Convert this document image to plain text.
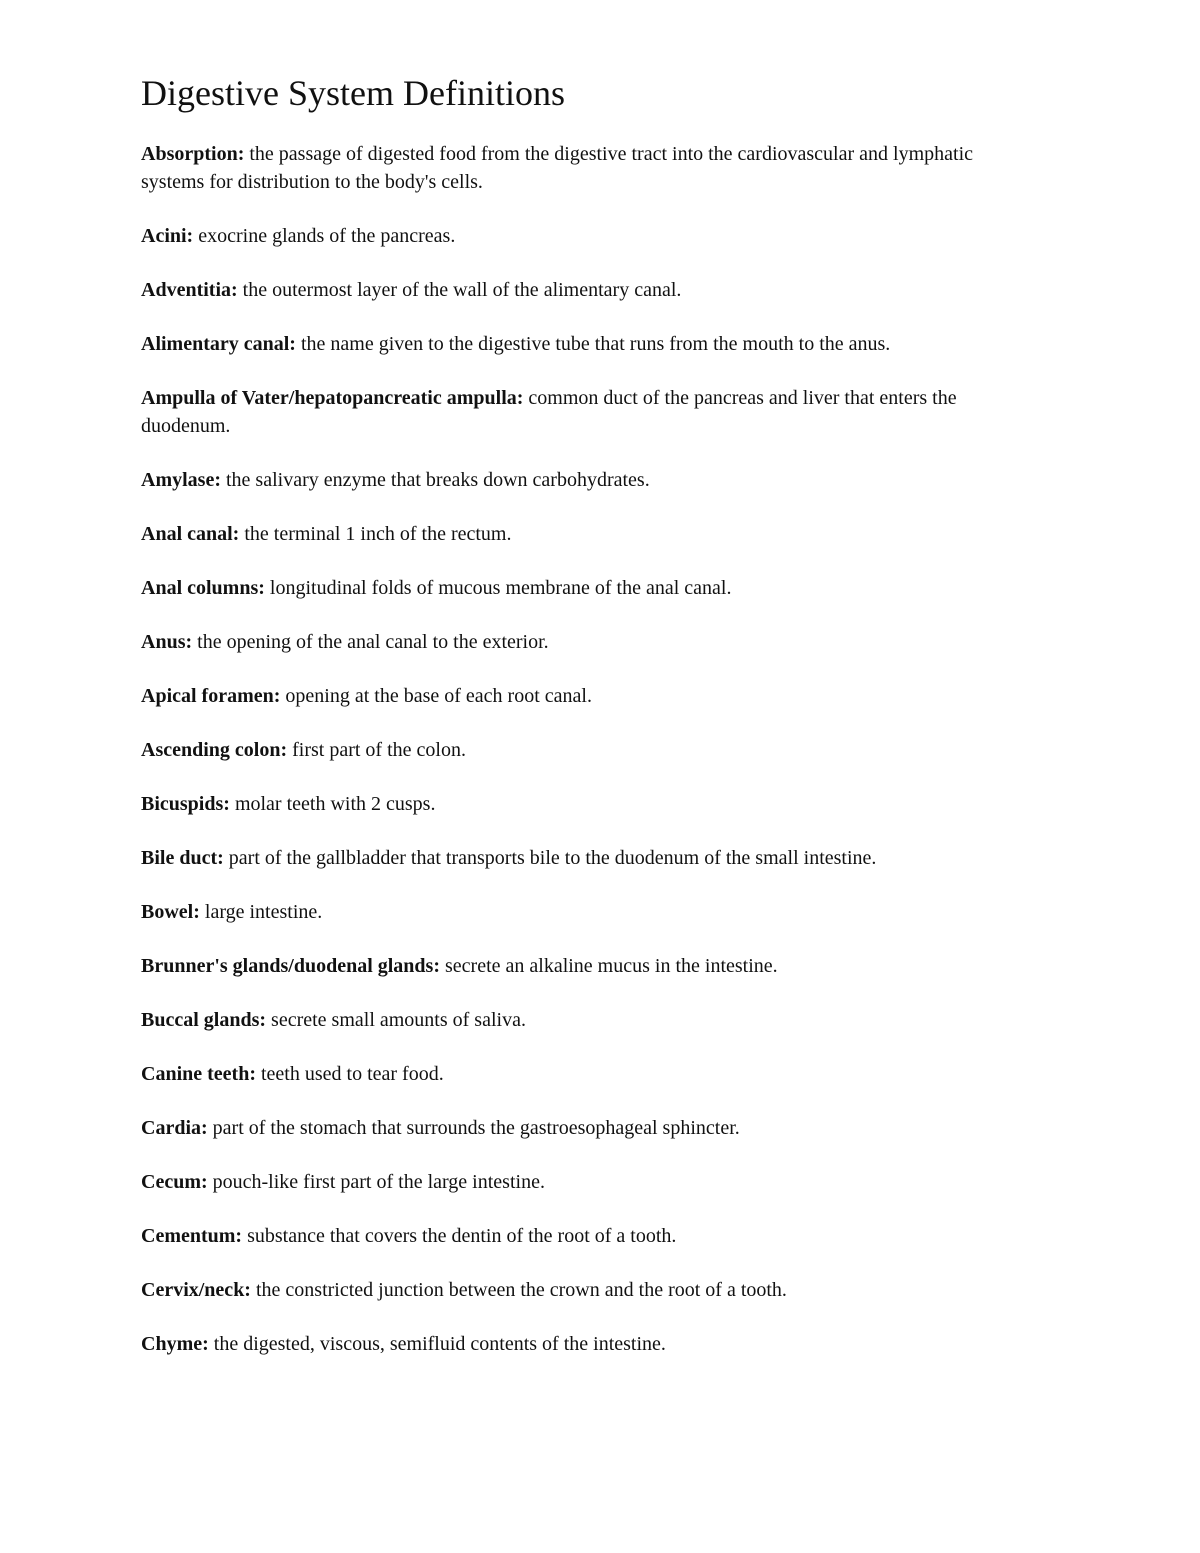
Digestive System Definitions
Absorption: the passage of digested food from the digestive tract into the cardiovascular and lymphatic systems for distribution to the body's cells.
Acini: exocrine glands of the pancreas.
Adventitia: the outermost layer of the wall of the alimentary canal.
Alimentary canal: the name given to the digestive tube that runs from the mouth to the anus.
Ampulla of Vater/hepatopancreatic ampulla: common duct of the pancreas and liver that enters the duodenum.
Amylase: the salivary enzyme that breaks down carbohydrates.
Anal canal: the terminal 1 inch of the rectum.
Anal columns: longitudinal folds of mucous membrane of the anal canal.
Anus: the opening of the anal canal to the exterior.
Apical foramen: opening at the base of each root canal.
Ascending colon: first part of the colon.
Bicuspids: molar teeth with 2 cusps.
Bile duct: part of the gallbladder that transports bile to the duodenum of the small intestine.
Bowel: large intestine.
Brunner's glands/duodenal glands: secrete an alkaline mucus in the intestine.
Buccal glands: secrete small amounts of saliva.
Canine teeth: teeth used to tear food.
Cardia: part of the stomach that surrounds the gastroesophageal sphincter.
Cecum: pouch-like first part of the large intestine.
Cementum: substance that covers the dentin of the root of a tooth.
Cervix/neck: the constricted junction between the crown and the root of a tooth.
Chyme: the digested, viscous, semifluid contents of the intestine.
